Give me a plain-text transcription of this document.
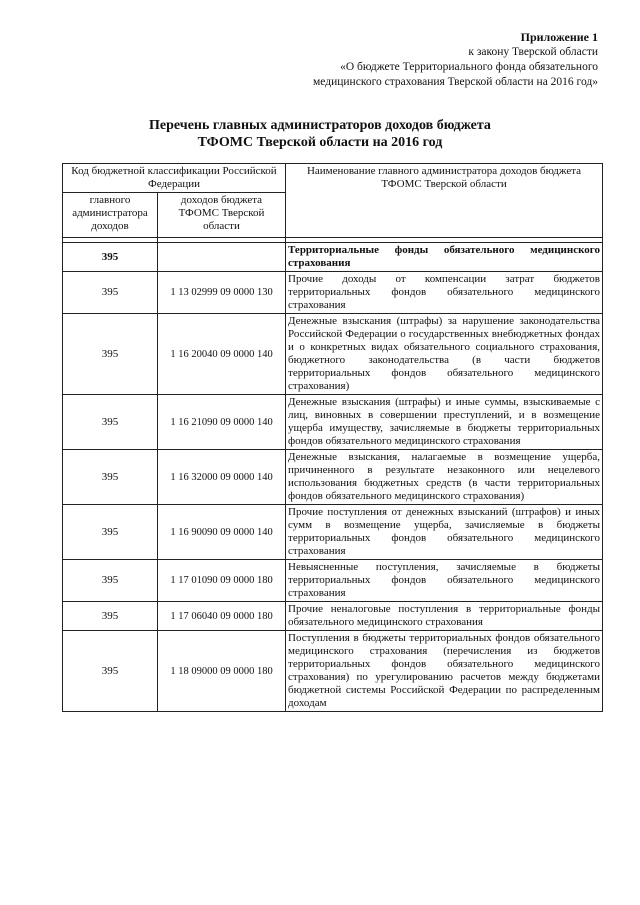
Приложение 1
к закону Тверской области
«О бюджете Территориального фонда обязательного
медицинского страхования Тверской области на 2016 год»
Перечень главных администраторов доходов бюджета
ТФОМС Тверской области на 2016 год
Код бюджетной классификации Российской Федерации		Наименование главного администратора доходов бюджета ТФОМС Тверской области
главного администратора доходов	доходов бюджета ТФОМС Тверской области	

395		Территориальные фонды обязательного медицинского страхования
395	1 13 02999 09 0000 130	Прочие доходы от компенсации затрат бюджетов территориальных фондов обязательного медицинского страхования
395	1 16 20040 09 0000 140	Денежные взыскания (штрафы) за нарушение законодательства Российской Федерации о государственных внебюджетных фондах и о конкретных видах обязательного социального страхования, бюджетного законодательства (в части бюджетов территориальных фондов обязательного медицинского страхования)
395	1 16 21090 09 0000 140	Денежные взыскания (штрафы) и иные суммы, взыскиваемые с лиц, виновных в совершении преступлений, и в возмещение ущерба имуществу, зачисляемые в бюджеты территориальных фондов обязательного медицинского страхования
395	1 16 32000 09 0000 140	Денежные взыскания, налагаемые в возмещение ущерба, причиненного в результате незаконного или нецелевого использования бюджетных средств (в части территориальных фондов обязательного медицинского страхования)
395	1 16 90090 09 0000 140	Прочие поступления от денежных взысканий (штрафов) и иных сумм в возмещение ущерба, зачисляемые в бюджеты территориальных фондов обязательного медицинского страхования
395	1 17 01090 09 0000 180	Невыясненные поступления, зачисляемые в бюджеты территориальных фондов обязательного медицинского страхования
395	1 17 06040 09 0000 180	Прочие неналоговые поступления в территориальные фонды обязательного медицинского страхования
395	1 18 09000 09 0000 180	Поступления в бюджеты территориальных фондов обязательного медицинского страхования (перечисления из бюджетов территориальных фондов обязательного медицинского страхования) по урегулированию расчетов между бюджетами бюджетной системы Российской Федерации по распределенным доходам
